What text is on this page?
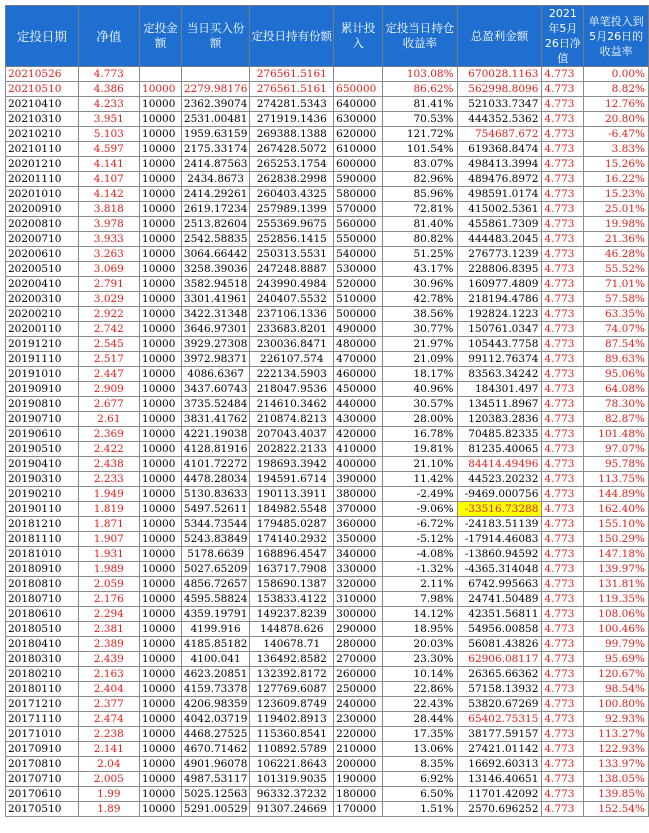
定投日期	净值	定投金额	当日买入份额	定投日持有份额	累计投入	定投当日持仓收益率	总盈利金额	2021年5月26日净值	单笔投入到5月26日的收益率
20210526	4.773			276561.5161		103.08%	670028.1163	4.773	0.00%
20210510	4.386	10000	2279.98176	276561.5161	650000	86.62%	562998.8096	4.773	8.82%
20210410	4.233	10000	2362.39074	274281.5343	640000	81.41%	521033.7347	4.773	12.76%
20210310	3.951	10000	2531.00481	271919.1436	630000	70.53%	444352.5362	4.773	20.80%
20210210	5.103	10000	1959.63159	269388.1388	620000	121.72%	754687.672	4.773	-6.47%
20210110	4.597	10000	2175.33174	267428.5072	610000	101.54%	619368.8474	4.773	3.83%
20201210	4.141	10000	2414.87563	265253.1754	600000	83.07%	498413.3994	4.773	15.26%
20201110	4.107	10000	2434.8673	262838.2998	590000	82.96%	489476.8972	4.773	16.22%
20201010	4.142	10000	2414.29261	260403.4325	580000	85.96%	498591.0174	4.773	15.23%
20200910	3.818	10000	2619.17234	257989.1399	570000	72.81%	415002.5361	4.773	25.01%
20200810	3.978	10000	2513.82604	255369.9675	560000	81.40%	455861.7309	4.773	19.98%
20200710	3.933	10000	2542.58835	252856.1415	550000	80.82%	444483.2045	4.773	21.36%
20200610	3.263	10000	3064.66442	250313.5531	540000	51.25%	276773.1239	4.773	46.28%
20200510	3.069	10000	3258.39036	247248.8887	530000	43.17%	228806.8395	4.773	55.52%
20200410	2.791	10000	3582.94518	243990.4984	520000	30.96%	160977.4809	4.773	71.01%
20200310	3.029	10000	3301.41961	240407.5532	510000	42.78%	218194.4786	4.773	57.58%
20200210	2.922	10000	3422.31348	237106.1336	500000	38.56%	192824.1223	4.773	63.35%
20200110	2.742	10000	3646.97301	233683.8201	490000	30.77%	150761.0347	4.773	74.07%
20191210	2.545	10000	3929.27308	230036.8471	480000	21.97%	105443.7758	4.773	87.54%
20191110	2.517	10000	3972.98371	226107.574	470000	21.09%	99112.76374	4.773	89.63%
20191010	2.447	10000	4086.6367	222134.5903	460000	18.17%	83563.34242	4.773	95.06%
20190910	2.909	10000	3437.60743	218047.9536	450000	40.96%	184301.497	4.773	64.08%
20190810	2.677	10000	3735.52484	214610.3462	440000	30.57%	134511.8967	4.773	78.30%
20190710	2.61	10000	3831.41762	210874.8213	430000	28.00%	120383.2836	4.773	82.87%
20190610	2.369	10000	4221.19038	207043.4037	420000	16.78%	70485.82335	4.773	101.48%
20190510	2.422	10000	4128.81916	202822.2133	410000	19.81%	81235.40065	4.773	97.07%
20190410	2.438	10000	4101.72272	198693.3942	400000	21.10%	84414.49496	4.773	95.78%
20190310	2.233	10000	4478.28034	194591.6714	390000	11.42%	44523.20232	4.773	113.75%
20190210	1.949	10000	5130.83633	190113.3911	380000	-2.49%	-9469.000756	4.773	144.89%
20190110	1.819	10000	5497.52611	184982.5548	370000	-9.06%	-33516.73288	4.773	162.40%
20181210	1.871	10000	5344.73544	179485.0287	360000	-6.72%	-24183.51139	4.773	155.10%
20181110	1.907	10000	5243.83849	174140.2932	350000	-5.12%	-17914.46083	4.773	150.29%
20181010	1.931	10000	5178.6639	168896.4547	340000	-4.08%	-13860.94592	4.773	147.18%
20180910	1.989	10000	5027.65209	163717.7908	330000	-1.32%	-4365.314048	4.773	139.97%
20180810	2.059	10000	4856.72657	158690.1387	320000	2.11%	6742.995663	4.773	131.81%
20180710	2.176	10000	4595.58824	153833.4122	310000	7.98%	24741.50489	4.773	119.35%
20180610	2.294	10000	4359.19791	149237.8239	300000	14.12%	42351.56811	4.773	108.06%
20180510	2.381	10000	4199.916	144878.626	290000	18.95%	54956.00858	4.773	100.46%
20180410	2.389	10000	4185.85182	140678.71	280000	20.03%	56081.43826	4.773	99.79%
20180310	2.439	10000	4100.041	136492.8582	270000	23.30%	62906.08117	4.773	95.69%
20180210	2.163	10000	4623.20851	132392.8172	260000	10.14%	26365.66362	4.773	120.67%
20180110	2.404	10000	4159.73378	127769.6087	250000	22.86%	57158.13932	4.773	98.54%
20171210	2.377	10000	4206.98359	123609.8749	240000	22.43%	53820.67269	4.773	100.80%
20171110	2.474	10000	4042.03719	119402.8913	230000	28.44%	65402.75315	4.773	92.93%
20171010	2.238	10000	4468.27525	115360.8541	220000	17.35%	38177.59157	4.773	113.27%
20170910	2.141	10000	4670.71462	110892.5789	210000	13.06%	27421.01142	4.773	122.93%
20170810	2.04	10000	4901.96078	106221.8643	200000	8.35%	16692.60313	4.773	133.97%
20170710	2.005	10000	4987.53117	101319.9035	190000	6.92%	13146.40651	4.773	138.05%
20170610	1.99	10000	5025.12563	96332.37232	180000	6.50%	11701.42092	4.773	139.85%
20170510	1.89	10000	5291.00529	91307.24669	170000	1.51%	2570.696252	4.773	152.54%
